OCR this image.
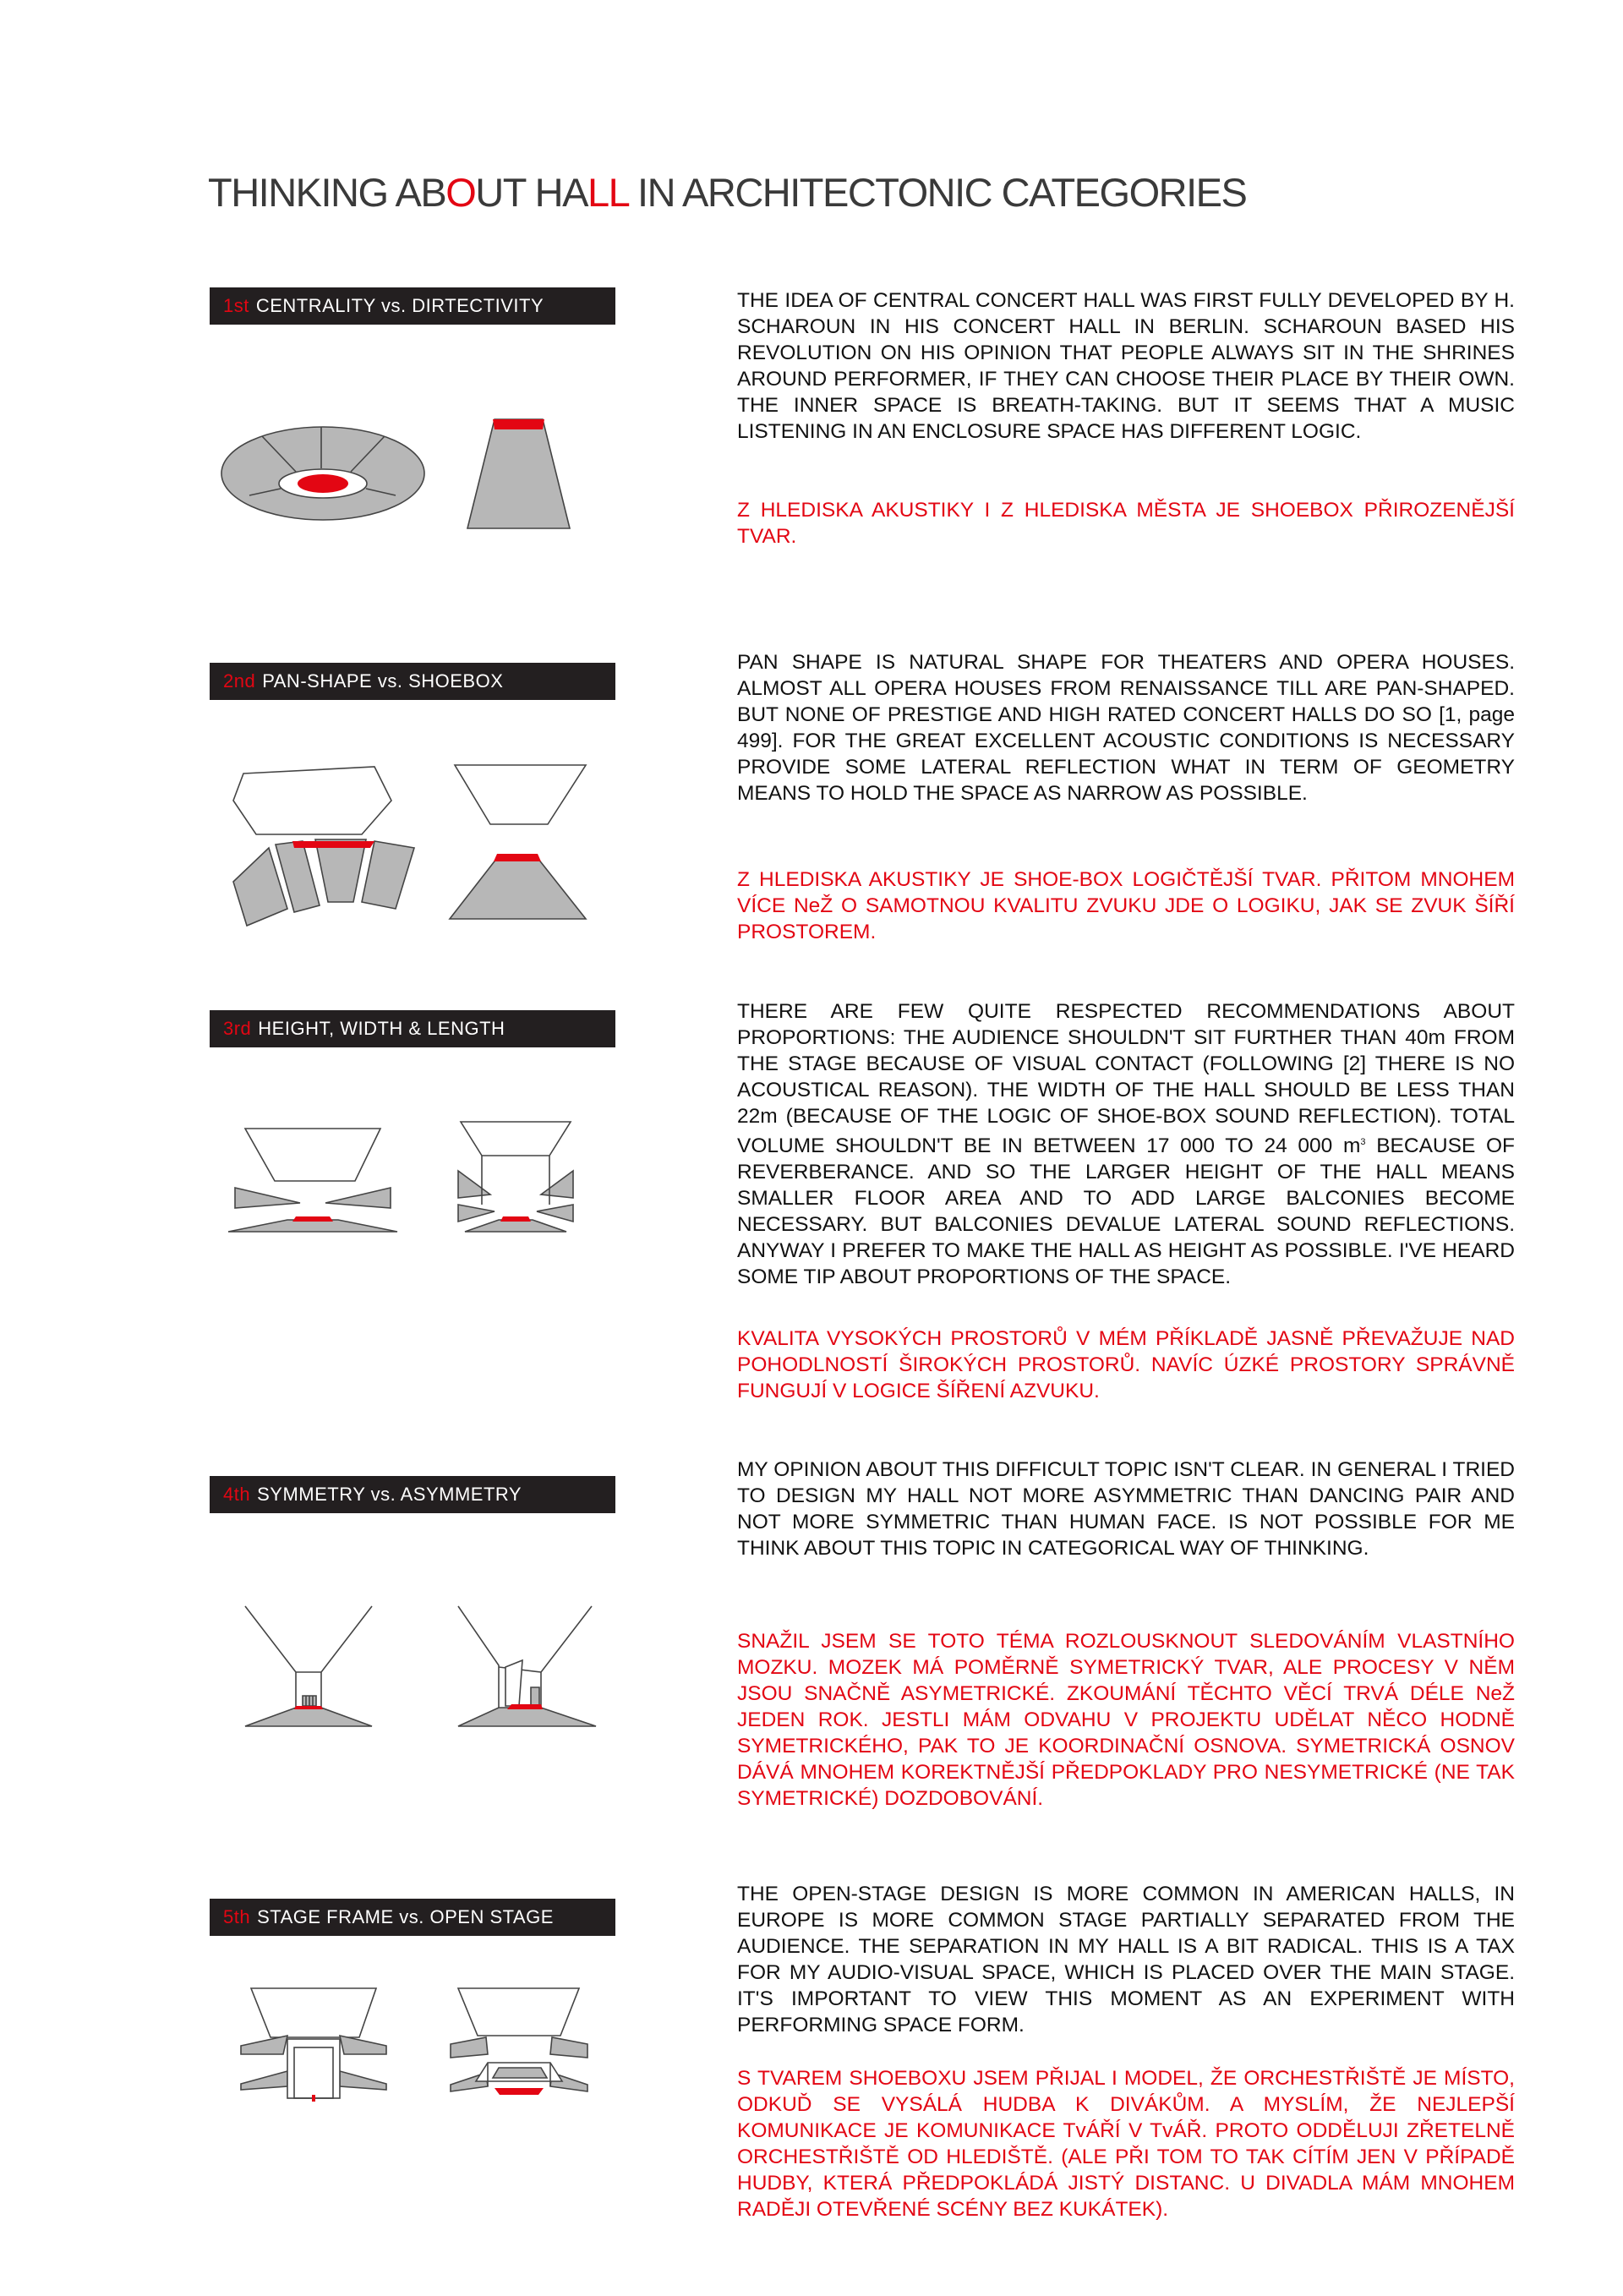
THINKING ABOUT HALL IN ARCHITECTONIC CATEGORIES
1st CENTRALITY vs. DIRTECTIVITY	THE IDEA OF CENTRAL CONCERT HALL WAS FIRST FULLY DEVELOPED BY H. SCHAROUN IN HIS CONCERT HALL IN BERLIN. SCHAROUN BASED HIS REVOLUTION ON HIS OPINION THAT PEOPLE ALWAYS SIT IN THE SHRINES AROUND PERFORMER, IF THEY CAN CHOOSE THEIR PLACE BY THEIR OWN. THE INNER SPACE IS BREATH-TAKING. BUT IT SEEMS THAT A MUSIC LISTENING IN AN ENCLOSURE SPACE HAS DIFFERENT LOGIC.
Z HLEDISKA AKUSTIKY I Z HLEDISKA MĚSTA JE SHOEBOX PŘIROZENĚJŠÍ TVAR.
2nd PAN-SHAPE vs. SHOEBOX
PAN SHAPE IS NATURAL SHAPE FOR THEATERS AND OPERA HOUSES. ALMOST ALL OPERA HOUSES FROM RENAISSANCE TILL ARE PAN-SHAPED. BUT NONE OF PRESTIGE AND HIGH RATED CONCERT HALLS DO SO [1, page 499]. FOR THE GREAT EXCELLENT ACOUSTIC CONDITIONS IS NECESSARY PROVIDE SOME LATERAL REFLECTION WHAT IN TERM OF GEOMETRY MEANS TO HOLD THE SPACE AS NARROW AS POSSIBLE.
Z HLEDISKA AKUSTIKY JE SHOE-BOX LOGIČTĚJŠÍ TVAR. PŘITOM MNOHEM VÍCE NeŽ O SAMOTNOU KVALITU ZVUKU JDE O LOGIKU, JAK SE ZVUK ŠÍŘÍ PROSTOREM.
3rd HEIGHT, WIDTH & LENGTH
THERE ARE FEW QUITE RESPECTED RECOMMENDATIONS ABOUT PROPORTIONS: THE AUDIENCE SHOULDN'T SIT FURTHER THAN 40m FROM THE STAGE BECAUSE OF VISUAL CONTACT (FOLLOWING [2] THERE IS NO ACOUSTICAL REASON). THE WIDTH OF THE HALL SHOULD BE LESS THAN 22m (BECAUSE OF THE LOGIC OF SHOE-BOX SOUND REFLECTION). TOTAL VOLUME SHOULDN'T BE IN BETWEEN 17 000 TO 24 000 $m^3$ BECAUSE OF REVERBERANCE. AND SO THE LARGER HEIGHT OF THE HALL MEANS SMALLER FLOOR AREA AND TO ADD LARGE BALCONIES BECOME NECESSARY. BUT BALCONIES DEVALUE LATERAL SOUND REFLECTIONS. ANYWAY I PREFER TO MAKE THE HALL AS HEIGHT AS POSSIBLE. I'VE HEARD SOME TIP ABOUT PROPORTIONS OF THE SPACE.
KVALITA VYSOKÝCH PROSTORŮ V MÉM PŘÍKLADĚ JASNĚ PŘEVAŽUJE NAD POHODLNOSTÍ ŠIROKÝCH PROSTORŮ. NAVÍC ÚZKÉ PROSTORY SPRÁVNĚ FUNGUJÍ V LOGICE ŠÍŘENÍ AZVUKU.
4th SYMMETRY vs. ASYMMETRY
MY OPINION ABOUT THIS DIFFICULT TOPIC ISN'T CLEAR. IN GENERAL I TRIED TO DESIGN MY HALL NOT MORE ASYMMETRIC THAN DANCING PAIR AND NOT MORE SYMMETRIC THAN HUMAN FACE. IS NOT POSSIBLE FOR ME THINK ABOUT THIS TOPIC IN CATEGORICAL WAY OF THINKING.
SNAŽIL JSEM SE TOTO TÉMA ROZLOUSKNOUT SLEDOVÁNÍM VLASTNÍHO MOZKU. MOZEK MÁ POMĚRNĚ SYMETRICKÝ TVAR, ALE PROCESY V NĚM JSOU SNAČNĚ ASYMETRICKÉ. ZKOUMÁNÍ TĚCHTO VĚCÍ TRVÁ DÉLE NeŽ JEDEN ROK. JESTLI MÁM ODVAHU V PROJEKTU UDĚLAT NĚCO HODNĚ SYMETRICKÉHO, PAK TO JE KOORDINAČNÍ OSNOVA. SYMETRICKÁ OSNOV DÁVÁ MNOHEM KOREKTNĚJŠÍ PŘEDPOKLADY PRO NESYMETRICKÉ (NE TAK SYMETRICKÉ) DOZDOBOVÁNÍ.
5th STAGE FRAME vs. OPEN STAGE
THE OPEN-STAGE DESIGN IS MORE COMMON IN AMERICAN HALLS, IN EUROPE IS MORE COMMON STAGE PARTIALLY SEPARATED FROM THE AUDIENCE. THE SEPARATION IN MY HALL IS A BIT RADICAL. THIS IS A TAX FOR MY AUDIO-VISUAL SPACE, WHICH IS PLACED OVER THE MAIN STAGE. IT'S IMPORTANT TO VIEW THIS MOMENT AS AN EXPERIMENT WITH PERFORMING SPACE FORM.
S TVAREM SHOEBOXU JSEM PŘIJAL I MODEL, ŽE ORCHESTŘIŠTĚ JE MÍSTO, ODKUĎ SE VYSÁLÁ HUDBA K DIVÁKŮM. A MYSLÍM, ŽE NEJLEPŠÍ KOMUNIKACE JE KOMUNIKACE TvÁŘÍ V TvÁŘ. PROTO ODDĚLUJI ZŘETELNĚ ORCHESTŘIŠTĚ OD HLEDIŠTĚ. (ALE PŘI TOM TO TAK CÍTÍM JEN V PŘÍPADĚ HUDBY, KTERÁ PŘEDPOKLÁDÁ JISTÝ DISTANC. U DIVADLA MÁM MNOHEM RADĚJI OTEVŘENÉ SCÉNY BEZ KUKÁTEK).
